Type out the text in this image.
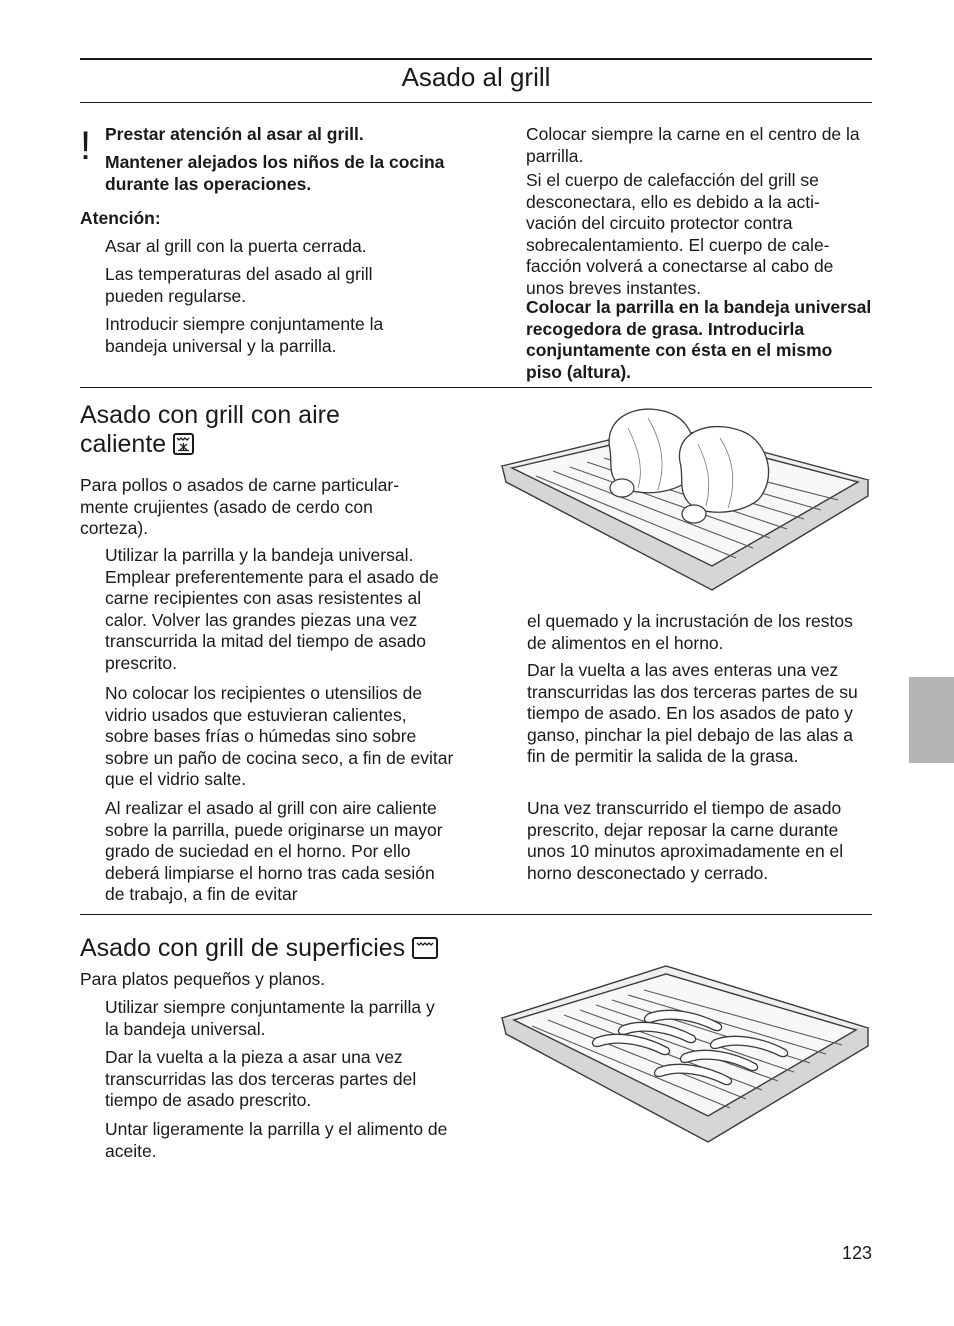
Asado al grill
! Prestar atención al asar al grill.

Mantener alejados los niños de la cocina durante las operaciones.

Atención:

Asar al grill con la puerta cerrada.

Las temperaturas del asado al grill pueden regularse.

Introducir siempre conjuntamente la bandeja universal y la parrilla.

Colocar siempre la carne en el centro de la parrilla.

Si el cuerpo de calefacción del grill se desconectara, ello es debido a la acti- vación del circuito protector contra sobrecalentamiento. El cuerpo de cale- facción volverá a conectarse al cabo de unos breves instantes.

Colocar la parrilla en la bandeja universal recogedora de grasa. Introducirla conjuntamente con ésta en el mismo piso (altura).

Asado con grill con aire
caliente

Para pollos o asados de carne particular- mente crujientes (asado de cerdo con corteza).

Utilizar la parrilla y la bandeja universal. Emplear preferentemente para el asado de carne recipientes con asas resistentes al calor. Volver las grandes piezas una vez transcurrida la mitad del tiempo de asado prescrito.

No colocar los recipientes o utensilios de vidrio usados que estuvieran calientes, sobre bases frías o húmedas sino sobre sobre un paño de cocina seco, a fin de evitar que el vidrio salte.

Al realizar el asado al grill con aire caliente sobre la parrilla, puede originarse un mayor grado de suciedad en el horno. Por ello deberá limpiarse el horno tras cada sesión de trabajo, a fin de evitar

el quemado y la incrustación de los restos de alimentos en el horno.

Dar la vuelta a las aves enteras una vez transcurridas las dos terceras partes de su tiempo de asado. En los asados de pato y ganso, pinchar la piel debajo de las alas a fin de permitir la salida de la grasa.

Una vez transcurrido el tiempo de asado prescrito, dejar reposar la carne durante unos 10 minutos aproximadamente en el horno desconectado y cerrado.

Asado con grill de superficies

Para platos pequeños y planos.

Utilizar siempre conjuntamente la parrilla y la bandeja universal.

Dar la vuelta a la pieza a asar una vez transcurridas las dos terceras partes del tiempo de asado prescrito.

Untar ligeramente la parrilla y el alimento de aceite.

123
